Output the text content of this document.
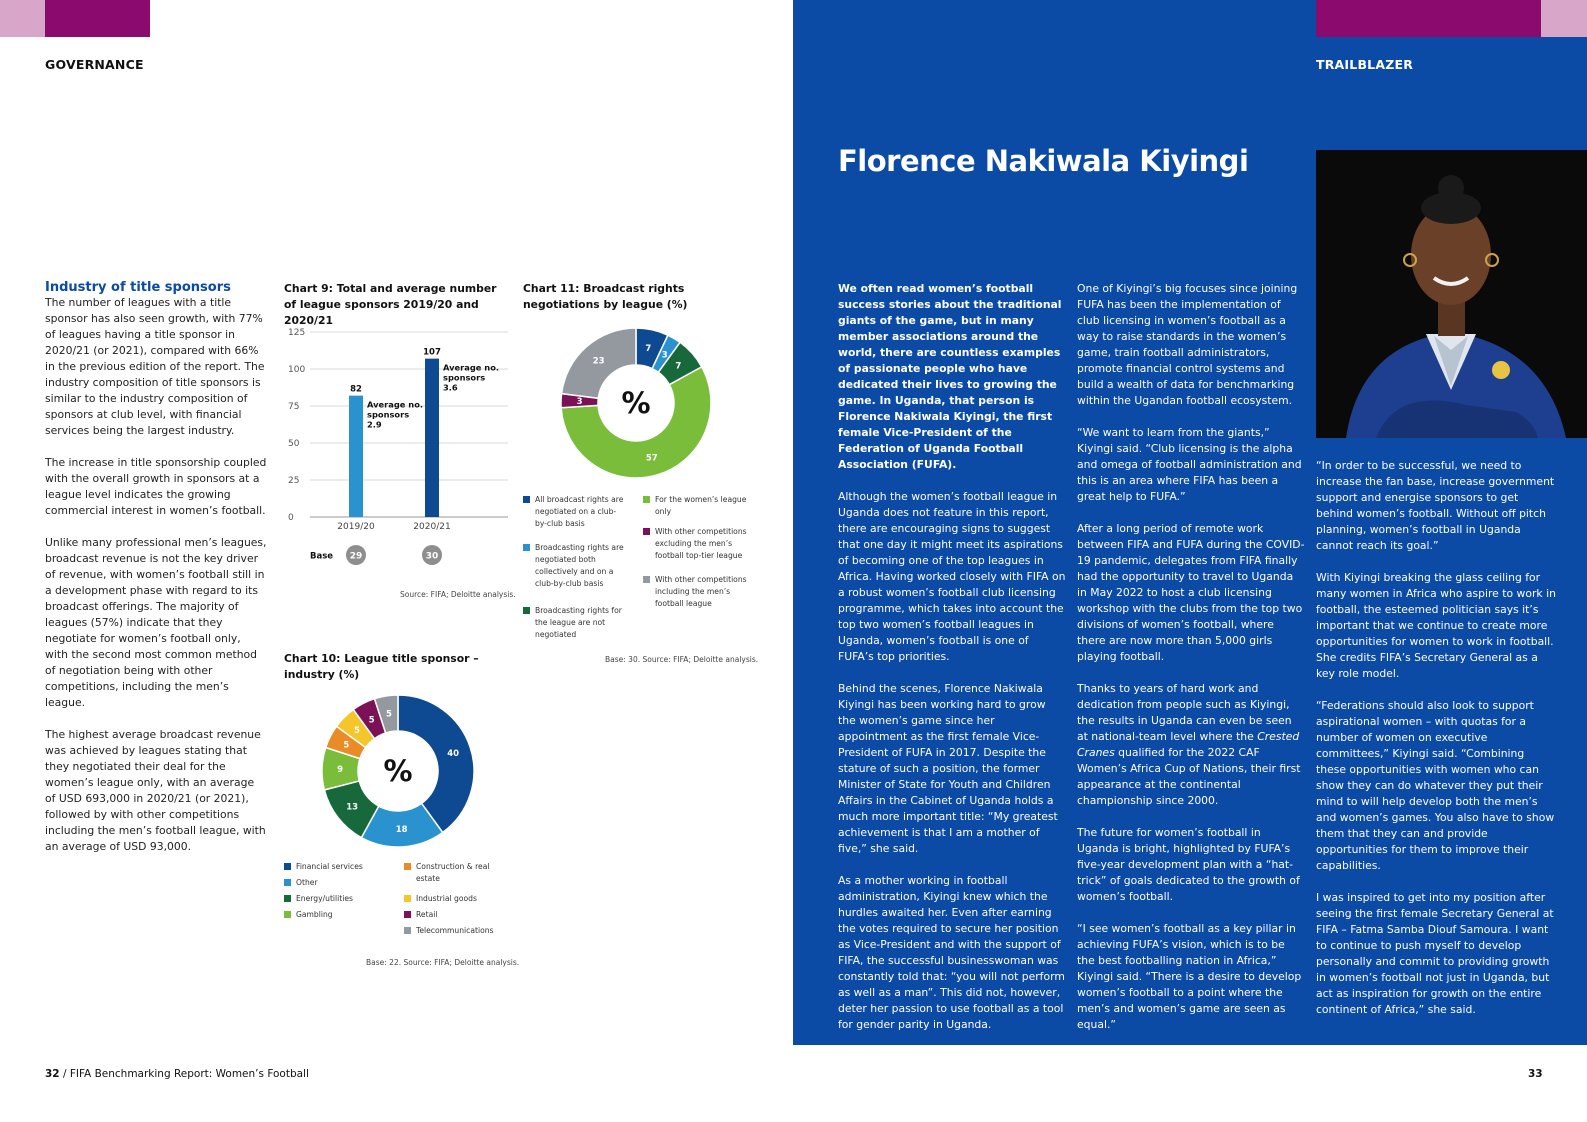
GOVERNANCE
Industry of title sponsors

The number of leagues with a title sponsor has also seen growth, with 77% of leagues having a title sponsor in 2020/21 (or 2021), compared with 66% in the previous edition of the report. The industry composition of title sponsors is similar to the industry composition of sponsors at club level, with financial services being the largest industry.

The increase in title sponsorship coupled with the overall growth in sponsors at a league level indicates the growing commercial interest in women’s football.

Unlike many professional men’s leagues, broadcast revenue is not the key driver of revenue, with women’s football still in a development phase with regard to its broadcast offerings. The majority of leagues (57%) indicate that they negotiate for women’s football only, with the second most common method of negotiation being with other competitions, including the men’s league.

The highest average broadcast revenue was achieved by leagues stating that they negotiated their deal for the women’s league only, with an average of USD 693,000 in 2020/21 (or 2021), followed by with other competitions including the men’s football league, with an average of USD 93,000.

Chart 9: Total and average number of league sponsors 2019/20 and 2020/21
0
25
50
75
100
125
82
2019/20
Average no. sponsors 2.9
29
107
2020/21
Average no. sponsors 3.6
30
Base
Source: FIFA; Deloitte analysis.
Chart 10: League title sponsor – industry (%)
40
18
13
9
5
5
5
5
%
Financial services
Other
Energy/utilities
Gambling
Construction & real estate
Industrial goods
Retail
Telecommunications
Base: 22. Source: FIFA; Deloitte analysis.
Chart 11: Broadcast rights negotiations by league (%)
7
3
7
57
3
23
%
All broadcast rights are negotiated on a club-by-club basis
Broadcasting rights are negotiated both collectively and on a club-by-club basis
Broadcasting rights for the league are not negotiated
For the women’s league only
With other competitions excluding the men’s football top-tier league
With other competitions including the men’s football league
Base: 30. Source: FIFA; Deloitte analysis.
32 / FIFA Benchmarking Report: Women’s Football
TRAILBLAZER
Florence Nakiwala Kiyingi

We often read women’s football success stories about the traditional giants of the game, but in many member associations around the world, there are countless examples of passionate people who have dedicated their lives to growing the game. In Uganda, that person is Florence Nakiwala Kiyingi, the first female Vice-President of the Federation of Uganda Football Association (FUFA).

Although the women’s football league in Uganda does not feature in this report, there are encouraging signs to suggest that one day it might meet its aspirations of becoming one of the top leagues in Africa. Having worked closely with FIFA on a robust women’s football club licensing programme, which takes into account the top two women’s football leagues in Uganda, women’s football is one of FUFA’s top priorities.

Behind the scenes, Florence Nakiwala Kiyingi has been working hard to grow the women’s game since her appointment as the first female Vice-President of FUFA in 2017. Despite the stature of such a position, the former Minister of State for Youth and Children Affairs in the Cabinet of Uganda holds a much more important title: “My greatest achievement is that I am a mother of five,” she said.

As a mother working in football administration, Kiyingi knew which the hurdles awaited her. Even after earning the votes required to secure her position as Vice-President and with the support of FIFA, the successful businesswoman was constantly told that: “you will not perform as well as a man”. This did not, however, deter her passion to use football as a tool for gender parity in Uganda.

One of Kiyingi’s big focuses since joining FUFA has been the implementation of club licensing in women’s football as a way to raise standards in the women’s game, train football administrators, promote financial control systems and build a wealth of data for benchmarking within the Ugandan football ecosystem.

“We want to learn from the giants,” Kiyingi said. “Club licensing is the alpha and omega of football administration and this is an area where FIFA has been a great help to FUFA.”

After a long period of remote work between FIFA and FUFA during the COVID-19 pandemic, delegates from FIFA finally had the opportunity to travel to Uganda in May 2022 to host a club licensing workshop with the clubs from the top two divisions of women’s football, where there are now more than 5,000 girls playing football.

Thanks to years of hard work and dedication from people such as Kiyingi, the results in Uganda can even be seen at national-team level where the Crested Cranes qualified for the 2022 CAF Women’s Africa Cup of Nations, their first appearance at the continental championship since 2000.

The future for women’s football in Uganda is bright, highlighted by FUFA’s five-year development plan with a “hat-trick” of goals dedicated to the growth of women’s football.

“I see women’s football as a key pillar in achieving FUFA’s vision, which is to be the best footballing nation in Africa,” Kiyingi said. “There is a desire to develop women’s football to a point where the men’s and women’s game are seen as equal.”

“In order to be successful, we need to increase the fan base, increase government support and energise sponsors to get behind women’s football. Without off pitch planning, women’s football in Uganda cannot reach its goal.”

With Kiyingi breaking the glass ceiling for many women in Africa who aspire to work in football, the esteemed politician says it’s important that we continue to create more opportunities for women to work in football. She credits FIFA’s Secretary General as a key role model.

“Federations should also look to support aspirational women – with quotas for a number of women on executive committees,” Kiyingi said. “Combining these opportunities with women who can show they can do whatever they put their mind to will help develop both the men’s and women’s games. You also have to show them that they can and provide opportunities for them to improve their capabilities.

I was inspired to get into my position after seeing the first female Secretary General at FIFA – Fatma Samba Diouf Samoura. I want to continue to push myself to develop personally and commit to providing growth in women’s football not just in Uganda, but act as inspiration for growth on the entire continent of Africa,” she said.

33
